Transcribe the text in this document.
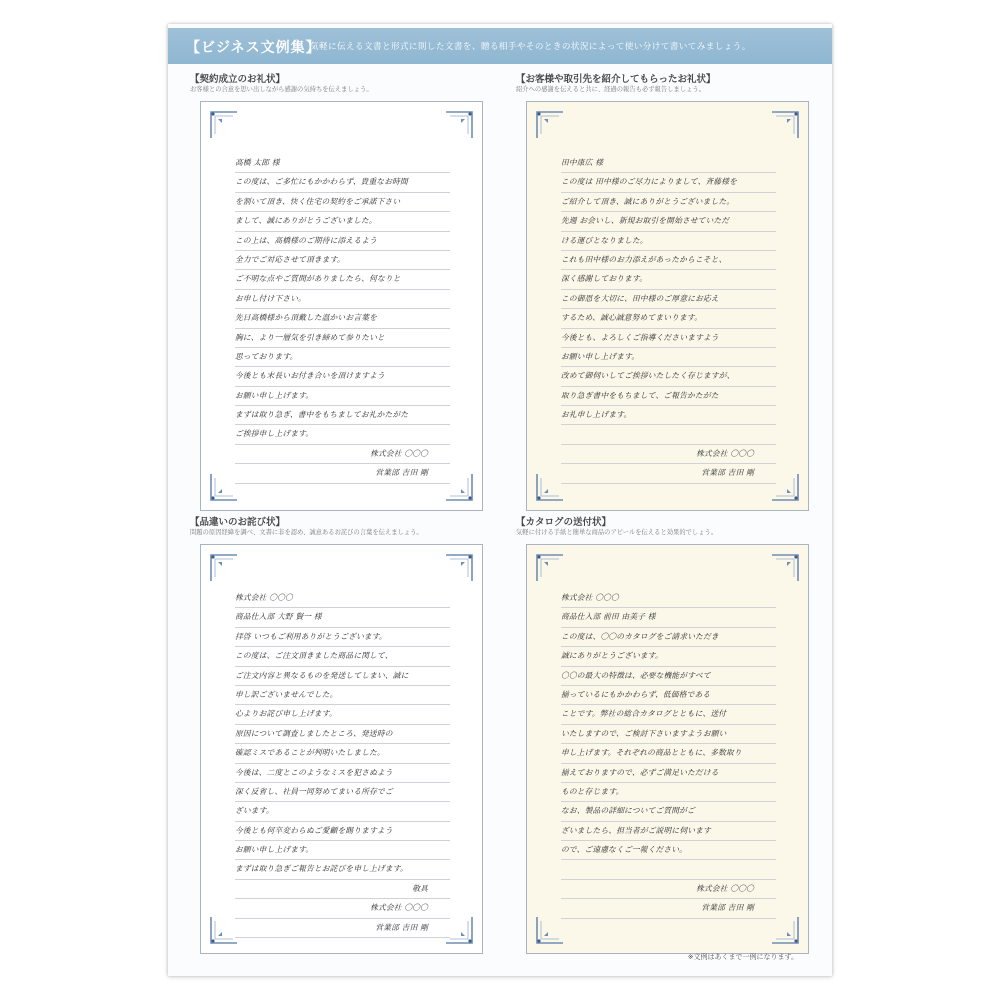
【ビジネス文例集】
気軽に伝える文書と形式に則した文書を、贈る相手やそのときの状況によって使い分けて書いてみましょう。
【契約成立のお礼状】
お客様との合意を思い出しながら感謝の気持ちを伝えましょう。
高橋 太郎 様
この度は、ご多忙にもかかわらず、貴重なお時間
を割いて頂き、快く住宅の契約をご承諾下さい
まして、誠にありがとうございました。
この上は、高橋様のご期待に添えるよう
全力でご対応させて頂きます。
ご不明な点やご質問がありましたら、何なりと
お申し付け下さい。
先日高橋様から頂戴した温かいお言葉を
胸に、より一層気を引き締めて参りたいと
思っております。
今後とも末長いお付き合いを頂けますよう
お願い申し上げます。
まずは取り急ぎ、書中をもちましてお礼かたがた
ご挨拶申し上げます。
株式会社 〇〇〇
営業部 吉田 剛
【お客様や取引先を紹介してもらったお礼状】
紹介への感謝を伝えると共に、経過の報告も必ず報告しましょう。
田中康広 様
この度は 田中様のご尽力によりまして、斉藤様を
ご紹介して頂き、誠にありがとうございました。
先週 お会いし、新規お取引を開始させていただ
ける運びとなりました。
これも田中様のお力添えがあったからこそと、
深く感謝しております。
この御恩を大切に、田中様のご厚意にお応え
するため、誠心誠意努めてまいります。
今後とも、よろしくご指導くださいますよう
お願い申し上げます。
改めて御伺いしてご挨拶いたしたく存じますが、
取り急ぎ書中をもちまして、ご報告かたがた
お礼申し上げます。
株式会社 〇〇〇
営業部 吉田 剛
【品違いのお詫び状】
問題の原因経緯を調べ、文書に非を認め、誠意あるお詫びの言葉を伝えましょう。
株式会社 〇〇〇
商品仕入部 大野 賢一 様
拝啓 いつもご利用ありがとうございます。
この度は、ご注文頂きました商品に関して、
ご注文内容と異なるものを発送してしまい、誠に
申し訳ございませんでした。
心よりお詫び申し上げます。
原因について調査しましたところ、発送時の
確認ミスであることが判明いたしました。
今後は、二度とこのようなミスを犯さぬよう
深く反省し、社員一同努めてまいる所存でご
ざいます。
今後とも何卒変わらぬご愛顧を賜りますよう
お願い申し上げます。
まずは取り急ぎご報告とお詫びを申し上げます。
敬具
株式会社 〇〇〇
営業部 吉田 剛
【カタログの送付状】
気軽に付ける手紙と簡単な商品のアピールを伝えると効果的でしょう。
株式会社 〇〇〇
商品仕入部 前田 由美子 様
この度は、〇〇のカタログをご請求いただき
誠にありがとうございます。
〇〇の最大の特徴は、必要な機能がすべて
揃っているにもかかわらず、低価格である
ことです。弊社の総合カタログとともに、送付
いたしますので、ご検討下さいますようお願い
申し上げます。それぞれの商品とともに、多数取り
揃えておりますので、必ずご満足いただける
ものと存じます。
なお、製品の詳細についてご質問がご
ざいましたら、担当者がご説明に伺います
ので、ご遠慮なくご一報ください。
株式会社 〇〇〇
営業部 吉田 剛
※文例はあくまで一例になります。
